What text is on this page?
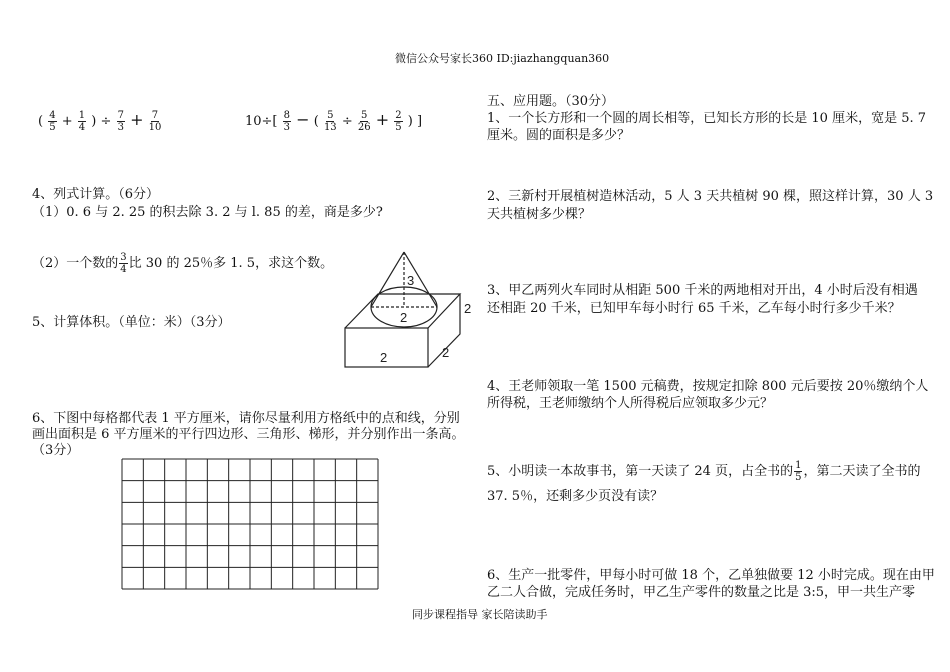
微信公众号家长360 ID:jiazhangquan360
( $\frac{4}{5} + \frac{1}{4}$ ) ÷ $\frac{7}{3} + \frac{7}{10}$	$10\div[ \frac{8}{3}$ − ( $\frac{5}{13} \div \frac{5}{26} + \frac{2}{5}$ ) ]
4、列式计算。（6分）
（1）0. 6 与 2. 25 的积去除 3. 2 与 l. 85 的差，商是多少?
（2）一个数的 $\frac{3}{4}$ 比 30 的 25％多 1. 5，求这个数。
5、计算体积。（单位：米）（3分）
3
2
2
2
2
6、下图中每格都代表 1 平方厘米，请你尽量利用方格纸中的点和线，分别
画出面积是 6 平方厘米的平行四边形、三角形、梯形，并分别作出一条高。
（3分）
五、应用题。（30分）
1、一个长方形和一个圆的周长相等，已知长方形的长是 10 厘米，宽是 5. 7
厘米。圆的面积是多少？
2、三新村开展植树造林活动，5 人 3 天共植树 90 棵，照这样计算，30 人 3
天共植树多少棵？
3、甲乙两列火车同时从相距 500 千米的两地相对开出，4 小时后没有相遇
还相距 20 千米，已知甲车每小时行 65 千米，乙车每小时行多少千米？
4、王老师领取一笔 1500 元稿费，按规定扣除 800 元后要按 20％缴纳个人
所得税，王老师缴纳个人所得税后应领取多少元？
5、小明读一本故事书，第一天读了 24 页，占全书的 $\frac{1}{5}$ ，第二天读了全书的
37. 5％，还剩多少页没有读？
6、生产一批零件，甲每小时可做 18 个，乙单独做要 12 小时完成。现在由甲
乙二人合做，完成任务时，甲乙生产零件的数量之比是 3:5，甲一共生产零
同步课程指导 家长陪读助手
